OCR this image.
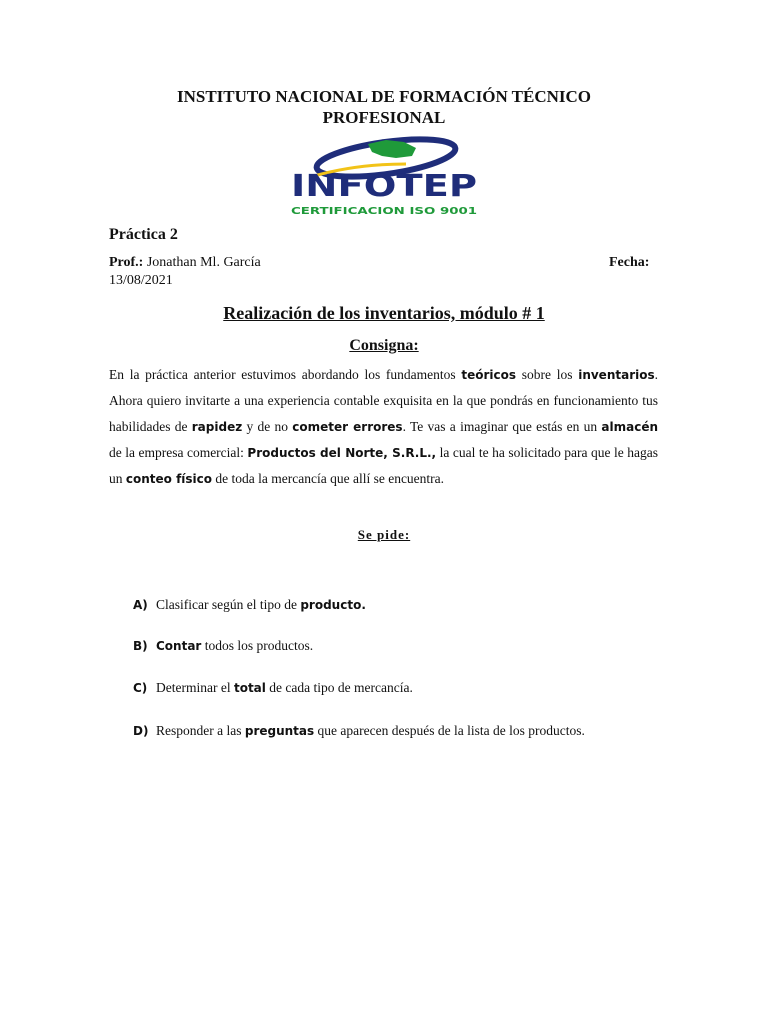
INSTITUTO NACIONAL DE FORMACIÓN TÉCNICO
PROFESIONAL
INFOTEP
CERTIFICACION ISO 9001
Práctica 2
Prof.: Jonathan Ml. García	Fecha:
13/08/2021
Realización de los inventarios, módulo # 1
Consigna:

En la práctica anterior estuvimos abordando los fundamentos teóricos sobre los inventarios. Ahora quiero invitarte a una experiencia contable exquisita en la que pondrás en funcionamiento tus habilidades de rapidez y de no cometer errores. Te vas a imaginar que estás en un almacén de la empresa comercial: Productos del Norte, S.R.L., la cual te ha solicitado para que le hagas un conteo físico de toda la mercancía que allí se encuentra.

Se pide:
A) Clasificar según el tipo de producto.
B) Contar todos los productos.
C) Determinar el total de cada tipo de mercancía.
D) Responder a las preguntas que aparecen después de la lista de los productos.
